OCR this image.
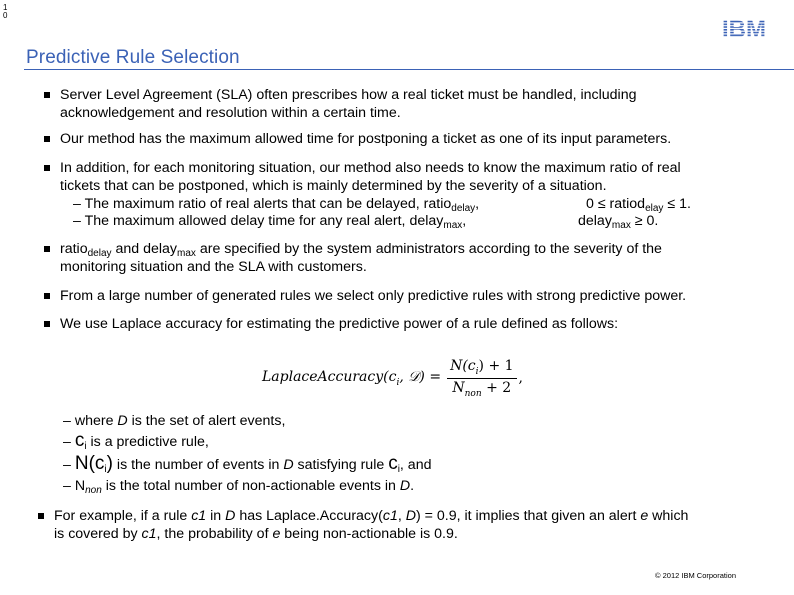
1
0
IBM
Predictive Rule Selection
Server Level Agreement (SLA) often prescribes how a real ticket must be handled, including
acknowledgement and resolution within a certain time.
Our method has the maximum allowed time for postponing a ticket as one of its input parameters.
In addition, for each monitoring situation, our method also needs to know the maximum ratio of real
tickets that can be postponed, which is mainly determined by the severity of a situation.
– The maximum ratio of real alerts that can be delayed, ratio$_{delay}$,	0 ≤ ratiod$_{elay}$ ≤ 1.
– The maximum allowed delay time for any real alert, delay$_{max}$,	delay$_{max}$ ≥ 0.
ratio$_{delay}$ and delay$_{max}$ are specified by the system administrators according to the severity of the
monitoring situation and the SLA with customers.
From a large number of generated rules we select only predictive rules with strong predictive power.
We use Laplace accuracy for estimating the predictive power of a rule defined as follows:
$LaplaceAccuracy(c_i$, 𝒟) = $\frac{N(c_i) + 1}{N_{non} + 2}$ ,
– where D is the set of alert events,
– $c_i$ is a predictive rule,
– $N(c_i)$ is the number of events in D satisfying rule $c_i$, and
– $N_{non}$ is the total number of non-actionable events in D.
For example, if a rule c1 in D has Laplace.Accuracy(c1, D) = 0.9, it implies that given an alert e which
is covered by c1, the probability of e being non-actionable is 0.9.
© 2012 IBM Corporation
